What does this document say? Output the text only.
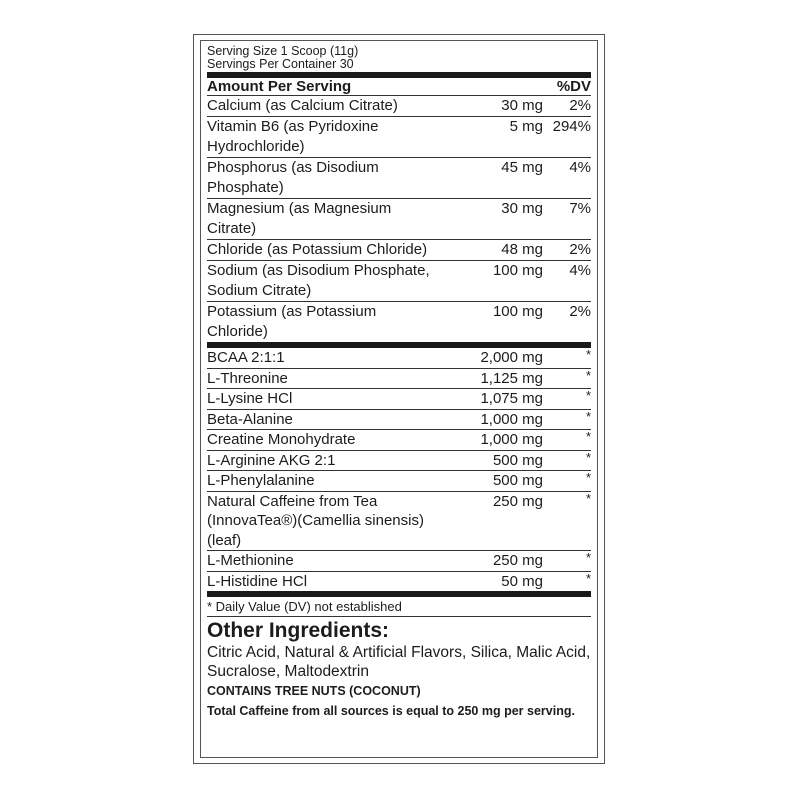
Serving Size 1 Scoop (11g)
Servings Per Container 30
Amount Per Serving	%DV
Calcium (as Calcium Citrate)	30 mg	2%
Vitamin B6 (as Pyridoxine Hydrochloride)
5 mg 294%
Phosphorus (as Disodium Phosphate)
45 mg	4%
Magnesium (as Magnesium Citrate)
30 mg	7%
Chloride (as Potassium Chloride)	48 mg	2%
Sodium (as Disodium Phosphate, Sodium Citrate)
100 mg	4%
Potassium (as Potassium Chloride)
100 mg	2%
BCAA 2:1:1	2,000 mg	*
L-Threonine	1,125 mg	*
L-Lysine HCl	1,075 mg	*
Beta-Alanine	1,000 mg	*
Creatine Monohydrate	1,000 mg	*
L-Arginine AKG 2:1	500 mg	*
L-Phenylalanine	500 mg	*
Natural Caffeine from Tea (InnovaTea®)(Camellia sinensis) (leaf)
250 mg	*
L-Methionine	250 mg	*
L-Histidine HCl	50 mg	*
* Daily Value (DV) not established
Other Ingredients:
Citric Acid, Natural & Artificial Flavors, Silica, Malic Acid, Sucralose, Maltodextrin
CONTAINS TREE NUTS (COCONUT)
Total Caffeine from all sources is equal to 250 mg per serving.
